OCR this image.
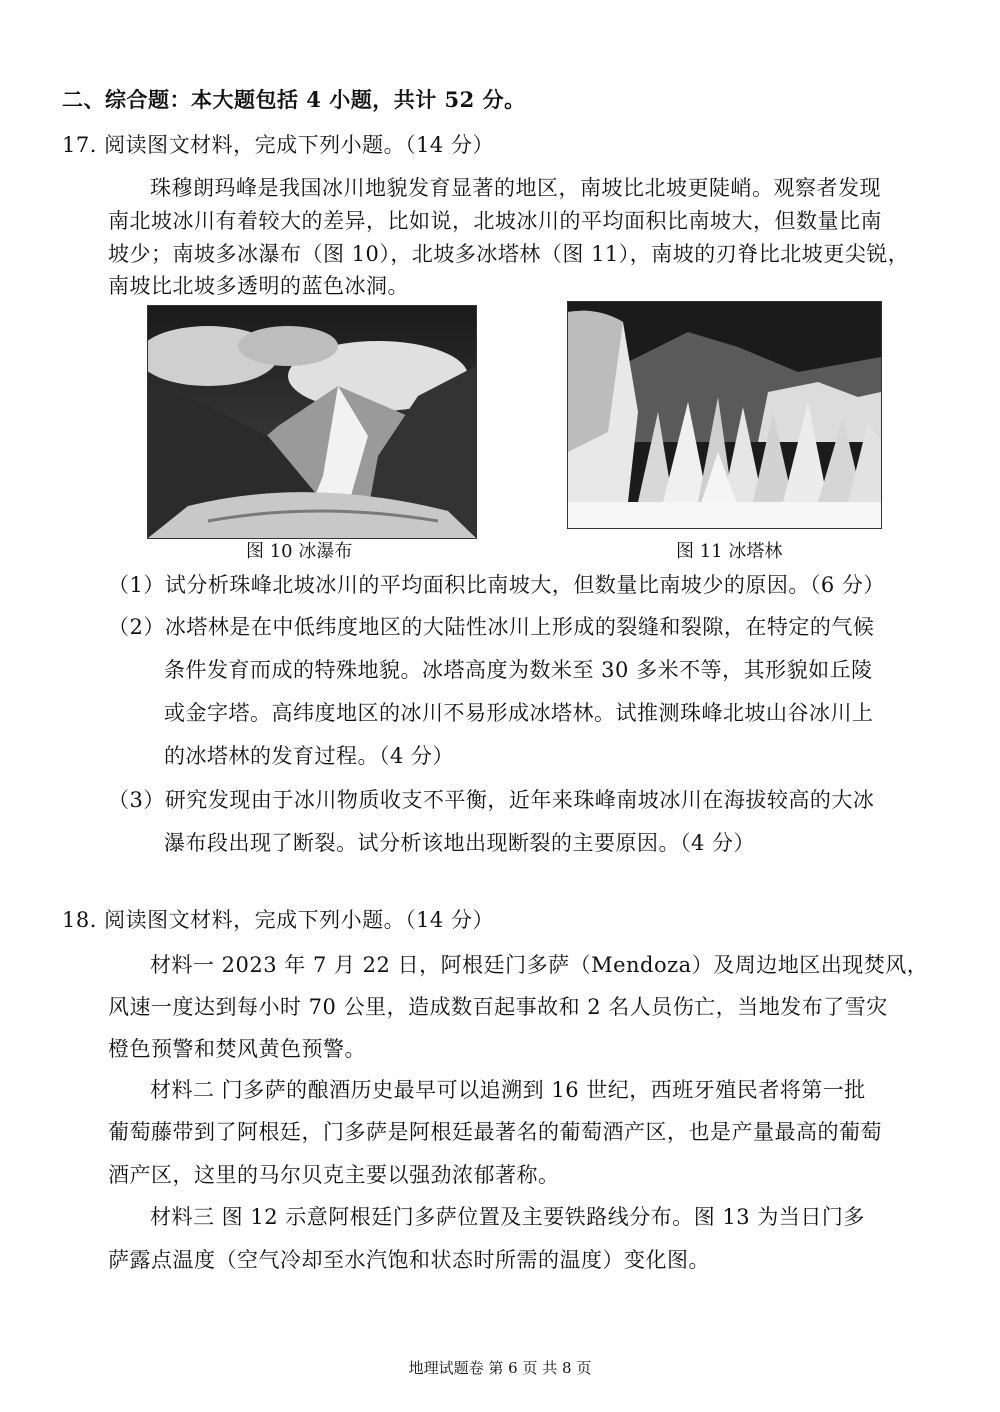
二、综合题：本大题包括 4 小题，共计 52 分。
17. 阅读图文材料，完成下列小题。（14 分）
珠穆朗玛峰是我国冰川地貌发育显著的地区，南坡比北坡更陡峭。观察者发现
南北坡冰川有着较大的差异，比如说，北坡冰川的平均面积比南坡大，但数量比南
坡少；南坡多冰瀑布（图 10），北坡多冰塔林（图 11），南坡的刃脊比北坡更尖锐，
南坡比北坡多透明的蓝色冰洞。
图 10 冰瀑布	图 11 冰塔林
（1）试分析珠峰北坡冰川的平均面积比南坡大，但数量比南坡少的原因。（6 分）
（2）冰塔林是在中低纬度地区的大陆性冰川上形成的裂缝和裂隙，在特定的气候
条件发育而成的特殊地貌。冰塔高度为数米至 30 多米不等，其形貌如丘陵
或金字塔。高纬度地区的冰川不易形成冰塔林。试推测珠峰北坡山谷冰川上
的冰塔林的发育过程。（4 分）
（3）研究发现由于冰川物质收支不平衡，近年来珠峰南坡冰川在海拔较高的大冰
瀑布段出现了断裂。试分析该地出现断裂的主要原因。（4 分）
18. 阅读图文材料，完成下列小题。（14 分）
材料一 2023 年 7 月 22 日，阿根廷门多萨（Mendoza）及周边地区出现焚风，
风速一度达到每小时 70 公里，造成数百起事故和 2 名人员伤亡，当地发布了雪灾
橙色预警和焚风黄色预警。
材料二 门多萨的酿酒历史最早可以追溯到 16 世纪，西班牙殖民者将第一批
葡萄藤带到了阿根廷，门多萨是阿根廷最著名的葡萄酒产区，也是产量最高的葡萄
酒产区，这里的马尔贝克主要以强劲浓郁著称。
材料三 图 12 示意阿根廷门多萨位置及主要铁路线分布。图 13 为当日门多
萨露点温度（空气冷却至水汽饱和状态时所需的温度）变化图。
地理试题卷 第 6 页 共 8 页
